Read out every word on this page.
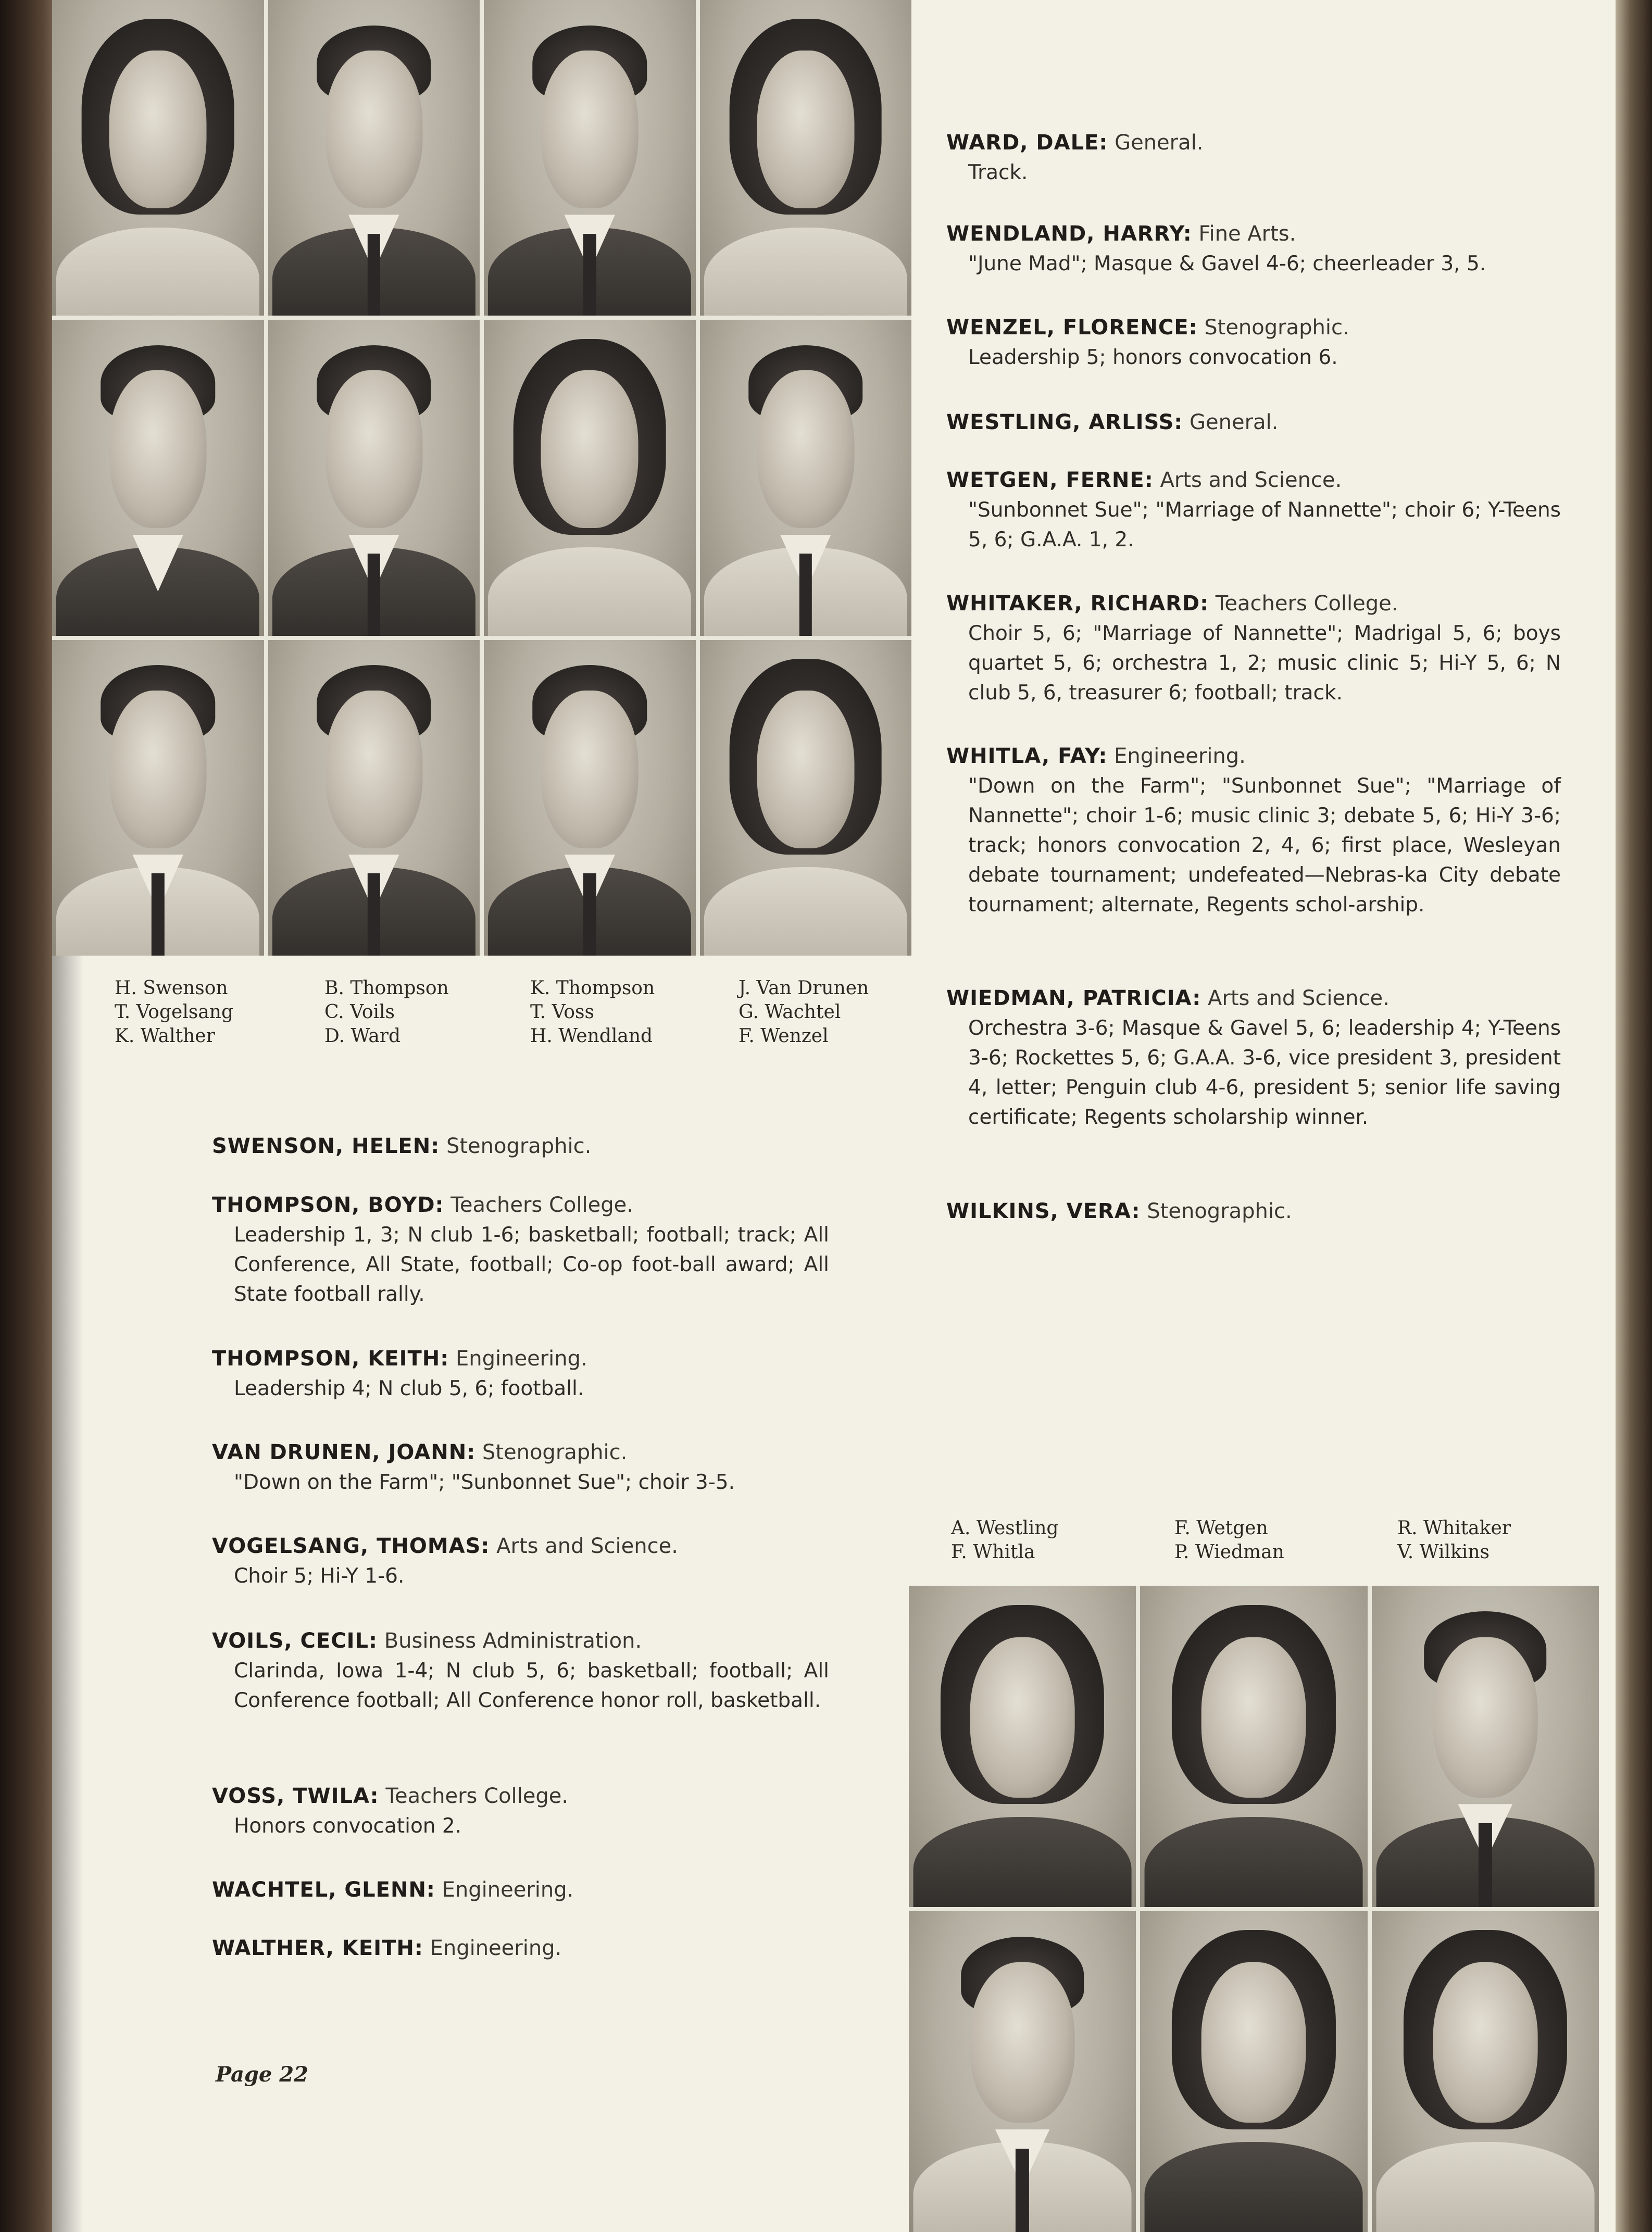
H. Swenson
T. Vogelsang
K. Walther
B. Thompson
C. Voils
D. Ward
K. Thompson
T. Voss
H. Wendland
J. Van Drunen
G. Wachtel
F. Wenzel
SWENSON, HELEN: Stenographic.
THOMPSON, BOYD: Teachers College.
Leadership 1, 3; N club 1-6; basketball; football; track; All Conference, All State, football; Co-op foot-ball award; All State football rally.
THOMPSON, KEITH: Engineering.
Leadership 4; N club 5, 6; football.
VAN DRUNEN, JOANN: Stenographic.
"Down on the Farm"; "Sunbonnet Sue"; choir 3-5.
VOGELSANG, THOMAS: Arts and Science.
Choir 5; Hi-Y 1-6.
VOILS, CECIL: Business Administration.
Clarinda, Iowa 1-4; N club 5, 6; basketball; football; All Conference football; All Conference honor roll, basketball.
VOSS, TWILA: Teachers College.
Honors convocation 2.
WACHTEL, GLENN: Engineering.
WALTHER, KEITH: Engineering.
WARD, DALE: General.
Track.
WENDLAND, HARRY: Fine Arts.
"June Mad"; Masque & Gavel 4-6; cheerleader 3, 5.
WENZEL, FLORENCE: Stenographic.
Leadership 5; honors convocation 6.
WESTLING, ARLISS: General.
WETGEN, FERNE: Arts and Science.
"Sunbonnet Sue"; "Marriage of Nannette"; choir 6; Y-Teens 5, 6; G.A.A. 1, 2.
WHITAKER, RICHARD: Teachers College.
Choir 5, 6; "Marriage of Nannette"; Madrigal 5, 6; boys quartet 5, 6; orchestra 1, 2; music clinic 5; Hi-Y 5, 6; N club 5, 6, treasurer 6; football; track.
WHITLA, FAY: Engineering.
"Down on the Farm"; "Sunbonnet Sue"; "Marriage of Nannette"; choir 1-6; music clinic 3; debate 5, 6; Hi-Y 3-6; track; honors convocation 2, 4, 6; first place, Wesleyan debate tournament; undefeated—Nebras-ka City debate tournament; alternate, Regents schol-arship.
WIEDMAN, PATRICIA: Arts and Science.
Orchestra 3-6; Masque & Gavel 5, 6; leadership 4; Y-Teens 3-6; Rockettes 5, 6; G.A.A. 3-6, vice president 3, president 4, letter; Penguin club 4-6, president 5; senior life saving certificate; Regents scholarship winner.
WILKINS, VERA: Stenographic.
A. Westling
F. Whitla
F. Wetgen
P. Wiedman
R. Whitaker
V. Wilkins
Page 22
